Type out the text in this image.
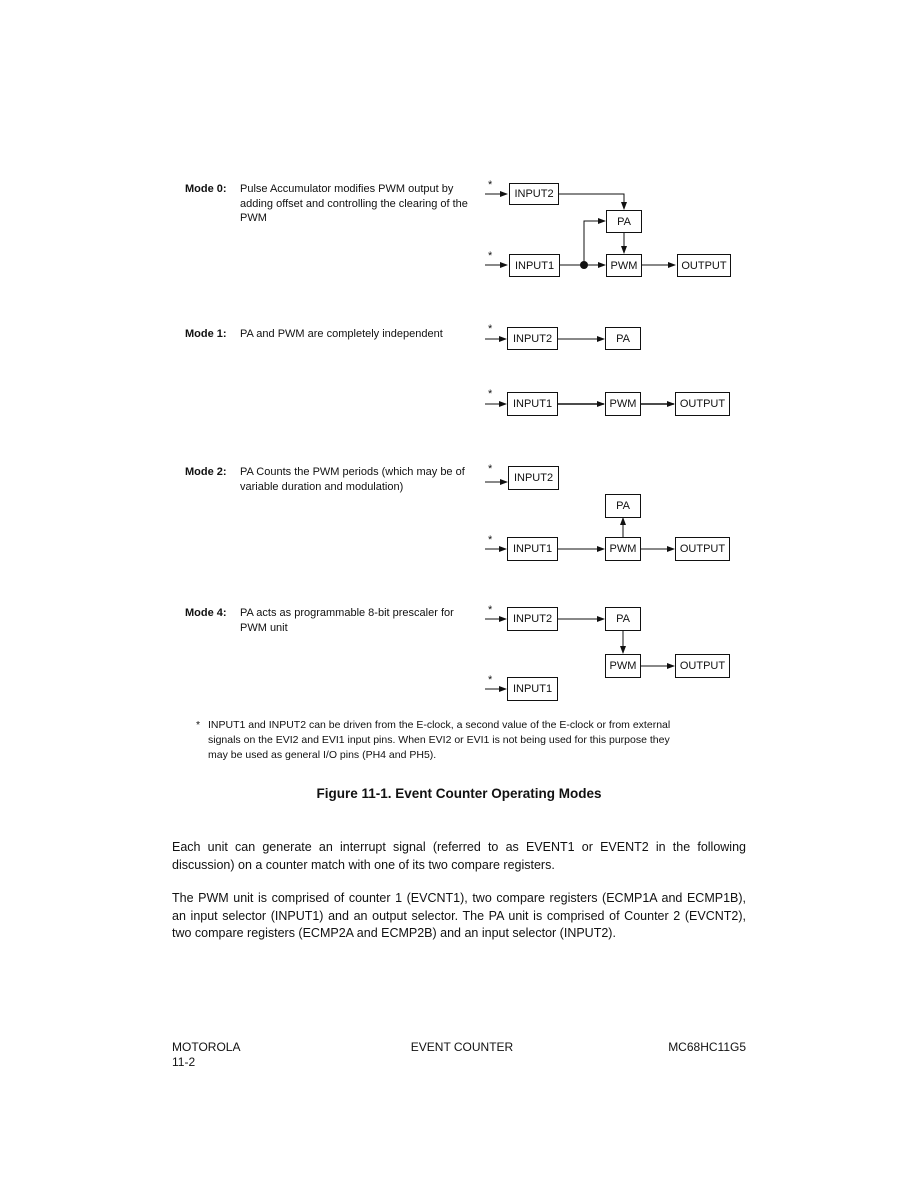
Mode 0: Pulse Accumulator modifies PWM output by adding offset and controlling the clearing of the PWM
*
INPUT2
PA
*
INPUT1	PWM	OUTPUT
Mode 1: PA and PWM are completely independent	*
INPUT2	PA
*
INPUT1	PWM	OUTPUT
Mode 2: PA Counts the PWM periods (which may be of variable duration and modulation)
*
INPUT2
PA
*
INPUT1	PWM	OUTPUT
Mode 4: PA acts as programmable 8-bit prescaler for PWM unit
*
INPUT2	PA
PWM	OUTPUT
*
INPUT1
* INPUT1 and INPUT2 can be driven from the E-clock, a second value of the E-clock or from external signals on the EVI2 and EVI1 input pins. When EVI2 or EVI1 is not being used for this purpose they may be used as general I/O pins (PH4 and PH5).
Figure 11-1. Event Counter Operating Modes
Each unit can generate an interrupt signal (referred to as EVENT1 or EVENT2 in the following discussion) on a counter match with one of its two compare registers.
The PWM unit is comprised of counter 1 (EVCNT1), two compare registers (ECMP1A and ECMP1B), an input selector (INPUT1) and an output selector. The PA unit is comprised of Counter 2 (EVCNT2), two compare registers (ECMP2A and ECMP2B) and an input selector (INPUT2).
MOTOROLA
11-2
EVENT COUNTER	MC68HC11G5
